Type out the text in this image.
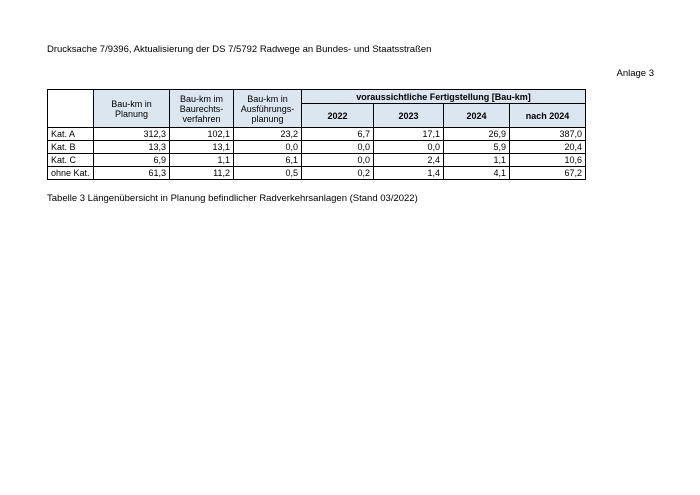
Drucksache 7/9396, Aktualisierung der DS 7/5792 Radwege an Bundes- und Staatsstraßen
Anlage 3
	Bau-km in Planung	Bau-km im Baurechts-verfahren	Bau-km in Ausführungs-planung	voraussichtliche Fertigstellung [Bau-km]			
				2022	2023	2024	nach 2024
Kat. A	312,3	102,1	23,2	6,7	17,1	26,9	387,0
Kat. B	13,3	13,1	0,0	0,0	0,0	5,9	20,4
Kat. C	6,9	1,1	6,1	0,0	2,4	1,1	10,6
ohne Kat.	61,3	11,2	0,5	0,2	1,4	4,1	67,2
Tabelle 3 Längenübersicht in Planung befindlicher Radverkehrsanlagen (Stand 03/2022)
